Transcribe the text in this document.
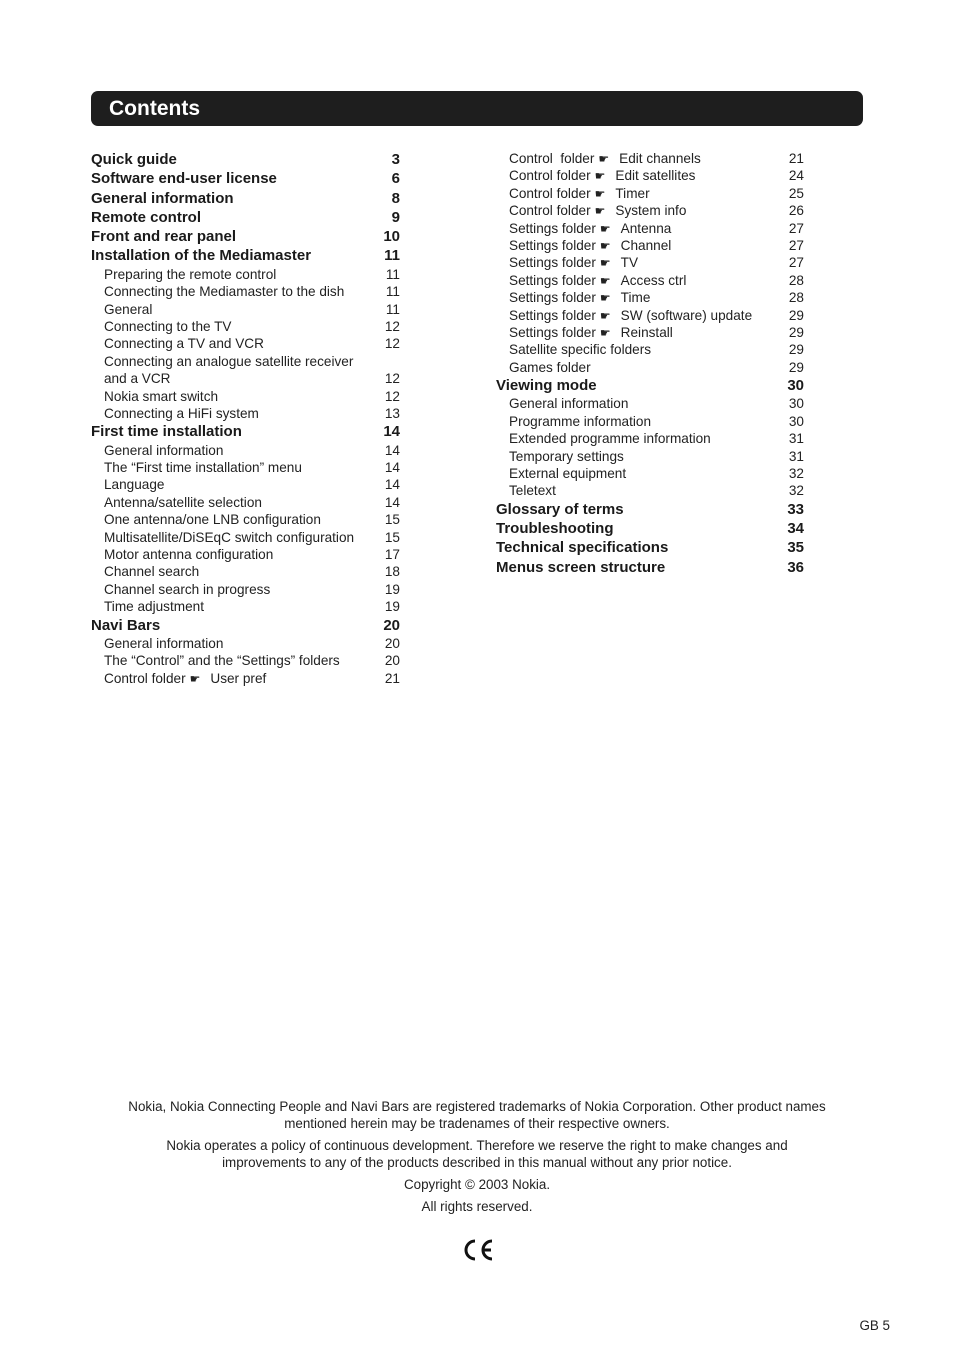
Contents
Quick guide	3
Software end-user license	6
General information	8
Remote control	9
Front and rear panel	10
Installation of the Mediamaster	11
Preparing the remote control	11
Connecting the Mediamaster to the dish	11
General	11
Connecting to the TV	12
Connecting a TV and VCR	12
Connecting an analogue satellite receiver and a VCR	12
Nokia smart switch	12
Connecting a HiFi system	13
First time installation	14
General information	14
The “First time installation” menu	14
Language	14
Antenna/satellite selection	14
One antenna/one LNB configuration	15
Multisatellite/DiSEqC switch configuration 15
Motor antenna configuration	17
Channel search	18
Channel search in progress	19
Time adjustment	19
Navi Bars	20
General information	20
The “Control” and the “Settings” folders	20
Control folder ☛ User pref	21
Control  folder ☛ Edit channels	21
Control folder ☛ Edit satellites	24
Control folder ☛ Timer	25
Control folder ☛ System info	26
Settings folder ☛ Antenna	27
Settings folder ☛ Channel	27
Settings folder ☛ TV	27
Settings folder ☛ Access ctrl	28
Settings folder ☛ Time	28
Settings folder ☛ SW (software) update	29
Settings folder ☛ Reinstall	29
Satellite specific folders	29
Games folder	29
Viewing mode	30
General information	30
Programme information	30
Extended programme information	31
Temporary settings	31
External equipment	32
Teletext	32
Glossary of terms	33
Troubleshooting	34
Technical specifications	35
Menus screen structure	36

Nokia, Nokia Connecting People and Navi Bars are registered trademarks of Nokia Corporation. Other product names
mentioned herein may be tradenames of their respective owners.

Nokia operates a policy of continuous development. Therefore we reserve the right to make changes and
improvements to any of the products described in this manual without any prior notice.

Copyright © 2003 Nokia.

All rights reserved.

GB 5
